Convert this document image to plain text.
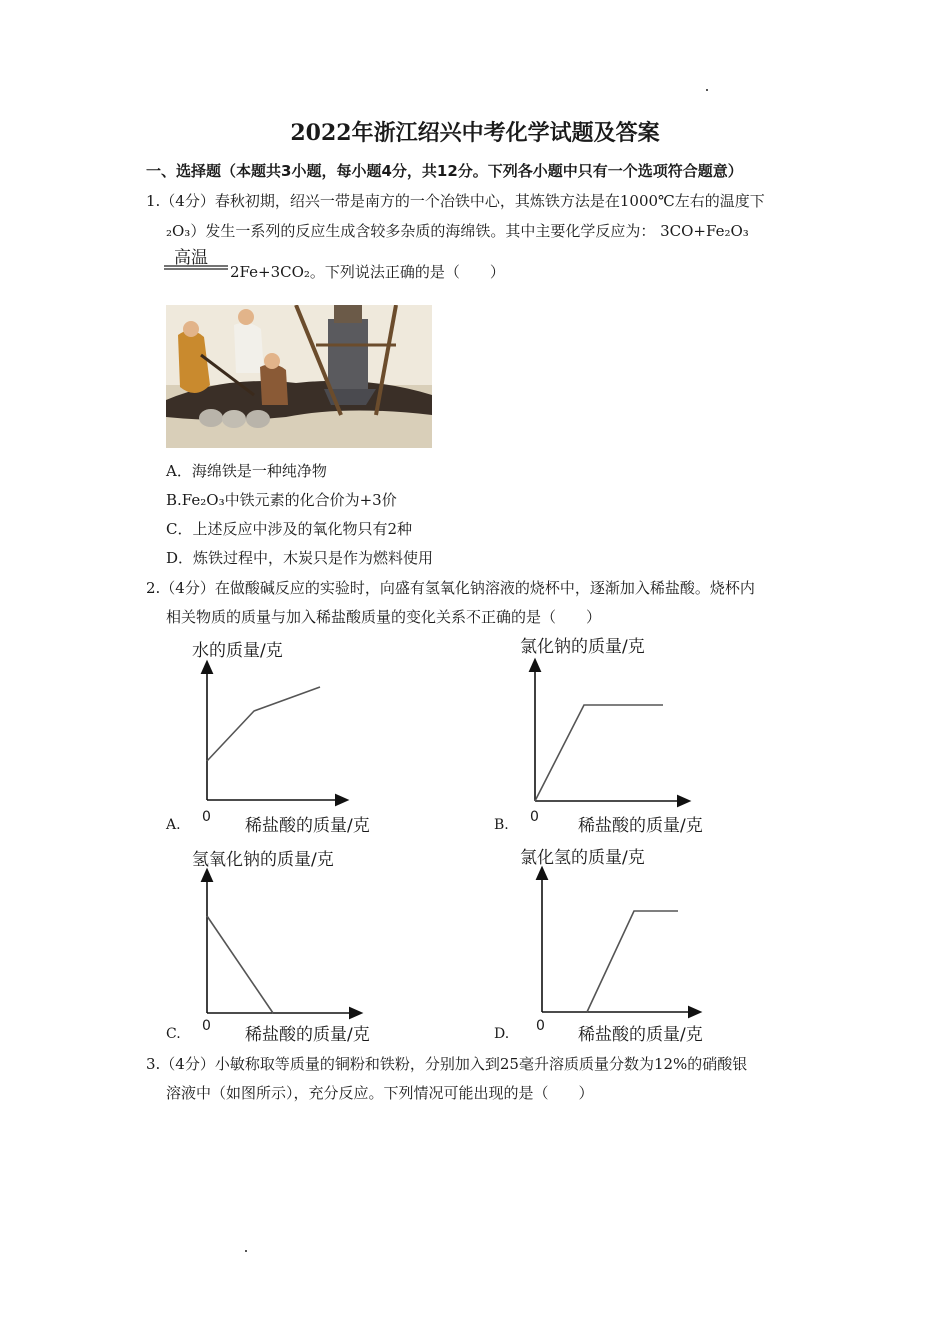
2022年浙江绍兴中考化学试题及答案
一、选择题（本题共3小题，每小题4分，共12分。下列各小题中只有一个选项符合题意）
1.（4分）春秋初期，绍兴一带是南方的一个冶铁中心，其炼铁方法是在1000℃左右的温度下
₂O₃）发生一系列的反应生成含较多杂质的海绵铁。其中主要化学反应为： 3CO+Fe₂O₃
高温
2Fe+3CO₂。下列说法正确的是（　　）
A．海绵铁是一种纯净物
B.Fe₂O₃中铁元素的化合价为+3价
C．上述反应中涉及的氧化物只有2种
D．炼铁过程中，木炭只是作为燃料使用
2.（4分）在做酸碱反应的实验时，向盛有氢氧化钠溶液的烧杯中，逐渐加入稀盐酸。烧杯内
相关物质的质量与加入稀盐酸质量的变化关系不正确的是（　　）
水的质量/克
0
A.	稀盐酸的质量/克
氯化钠的质量/克
0
B.	稀盐酸的质量/克
氢氧化钠的质量/克
0
C.	稀盐酸的质量/克
氯化氢的质量/克
0
D.	稀盐酸的质量/克
3.（4分）小敏称取等质量的铜粉和铁粉，分别加入到25毫升溶质质量分数为12%的硝酸银
溶液中（如图所示），充分反应。下列情况可能出现的是（　　）
